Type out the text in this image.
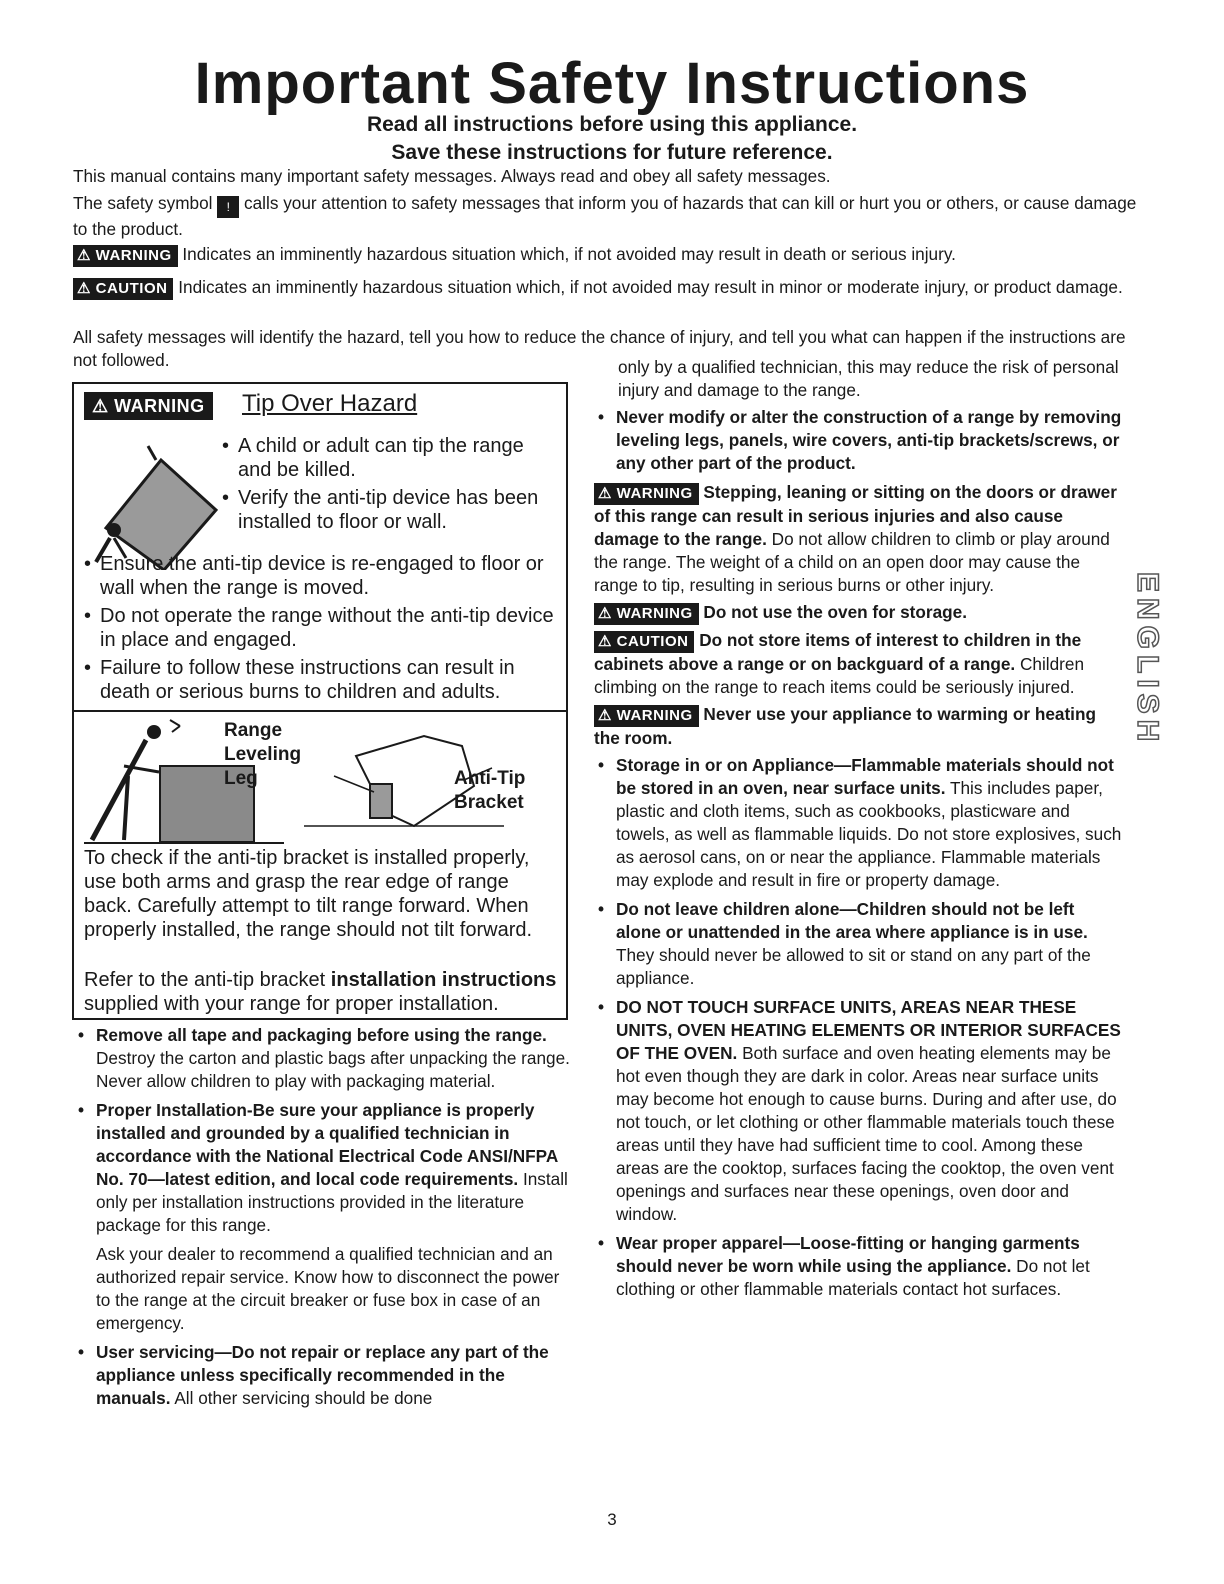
Important Safety Instructions

Read all instructions before using this appliance.

Save these instructions for future reference.

This manual contains many important safety messages. Always read and obey all safety messages.

The safety symbol ! calls your attention to safety messages that inform you of hazards that can kill or hurt you or others, or cause damage to the product.

⚠ WARNING Indicates an imminently hazardous situation which, if not avoided may result in death or serious injury.

⚠ CAUTION Indicates an imminently hazardous situation which, if not avoided may result in minor or moderate injury, or product damage.

All safety messages will identify the hazard, tell you how to reduce the chance of injury, and tell you what can happen if the instructions are not followed.

⚠ WARNING	Tip Over Hazard
• A child or adult can tip the range and be killed.
• Verify the anti-tip device has been installed to floor or wall.
• Ensure the anti-tip device is re-engaged to floor or wall when the range is moved.
• Do not operate the range without the anti-tip device in place and engaged.
• Failure to follow these instructions can result in death or serious burns to children and adults.
Range
Leveling
Leg	Anti-Tip
Bracket

To check if the anti-tip bracket is installed properly, use both arms and grasp the rear edge of range back. Carefully attempt to tilt range forward. When properly installed, the range should not tilt forward.

Refer to the anti-tip bracket installation instructions supplied with your range for proper installation.

• Remove all tape and packaging before using the range. Destroy the carton and plastic bags after unpacking the range. Never allow children to play with packaging material.
• Proper Installation-Be sure your appliance is properly installed and grounded by a qualified technician in accordance with the National Electrical Code ANSI/NFPA No. 70—latest edition, and local code requirements. Install only per installation instructions provided in the literature package for this range.
Ask your dealer to recommend a qualified technician and an authorized repair service. Know how to disconnect the power to the range at the circuit breaker or fuse box in case of an emergency.
• User servicing—Do not repair or replace any part of the appliance unless specifically recommended in the manuals. All other servicing should be done

only by a qualified technician, this may reduce the risk of personal injury and damage to the range.

• Never modify or alter the construction of a range by removing leveling legs, panels, wire covers, anti-tip brackets/screws, or any other part of the product.

⚠ WARNING Stepping, leaning or sitting on the doors or drawer of this range can result in serious injuries and also cause damage to the range. Do not allow children to climb or play around the range. The weight of a child on an open door may cause the range to tip, resulting in serious burns or other injury.

⚠ WARNING Do not use the oven for storage.

⚠ CAUTION Do not store items of interest to children in the cabinets above a range or on backguard of a range. Children climbing on the range to reach items could be seriously injured.

⚠ WARNING Never use your appliance to warming or heating the room.

• Storage in or on Appliance—Flammable materials should not be stored in an oven, near surface units. This includes paper, plastic and cloth items, such as cookbooks, plasticware and towels, as well as flammable liquids. Do not store explosives, such as aerosol cans, on or near the appliance. Flammable materials may explode and result in fire or property damage.
• Do not leave children alone—Children should not be left alone or unattended in the area where appliance is in use. They should never be allowed to sit or stand on any part of the appliance.
• DO NOT TOUCH SURFACE UNITS, AREAS NEAR THESE UNITS, OVEN HEATING ELEMENTS OR INTERIOR SURFACES OF THE OVEN. Both surface and oven heating elements may be hot even though they are dark in color. Areas near surface units may become hot enough to cause burns. During and after use, do not touch, or let clothing or other flammable materials touch these areas until they have had sufficient time to cool. Among these areas are the cooktop, surfaces facing the cooktop, the oven vent openings and surfaces near these openings, oven door and window.
• Wear proper apparel—Loose-fitting or hanging garments should never be worn while using the appliance. Do not let clothing or other flammable materials contact hot surfaces.
ENGLISH
3
